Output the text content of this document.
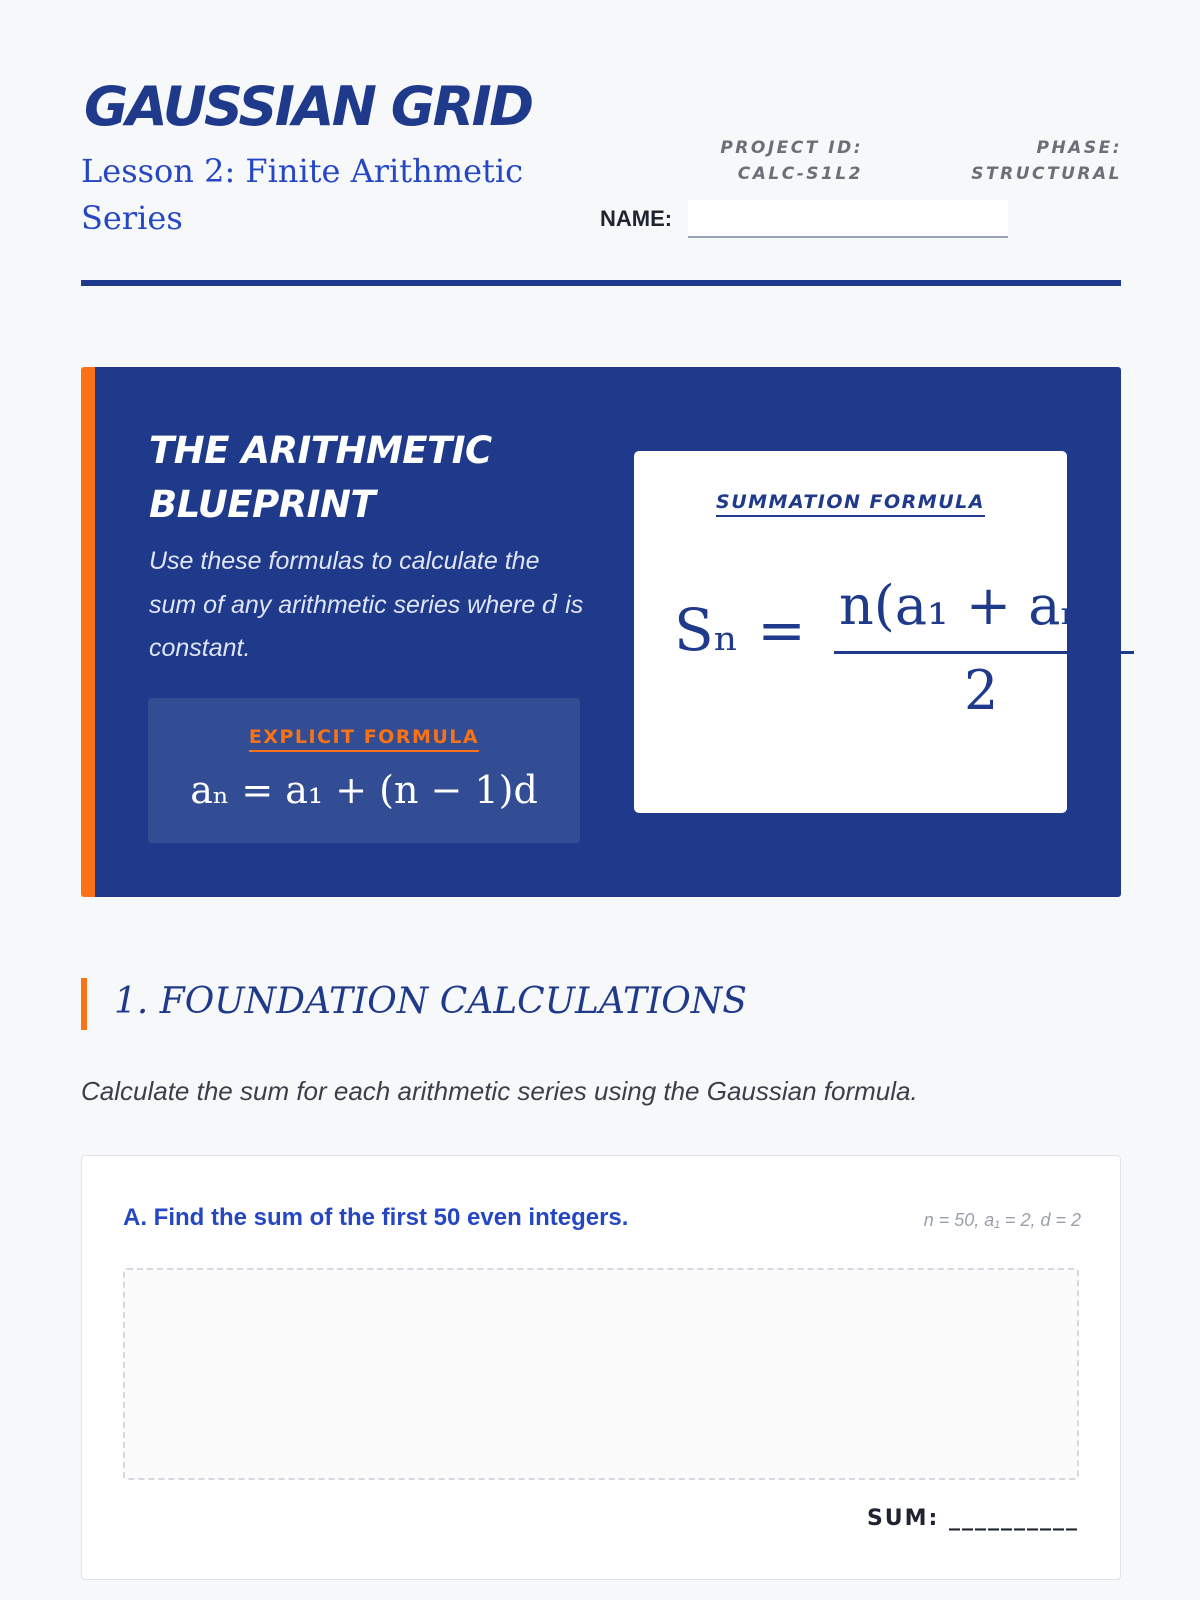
GAUSSIAN GRID
Lesson 2: Finite Arithmetic Series
PROJECT ID: CALC-S1L2
PHASE: STRUCTURAL
NAME:
THE ARITHMETIC BLUEPRINT
Use these formulas to calculate the sum of any arithmetic series where d is constant.
EXPLICIT FORMULA
aₙ = a₁ + (n − 1)d
SUMMATION FORMULA
Sₙ = n(a₁ + aₙ)
2
1. FOUNDATION CALCULATIONS
Calculate the sum for each arithmetic series using the Gaussian formula.
A. Find the sum of the first 50 even integers.	n = 50, a₁ = 2, d = 2
SUM: __________
